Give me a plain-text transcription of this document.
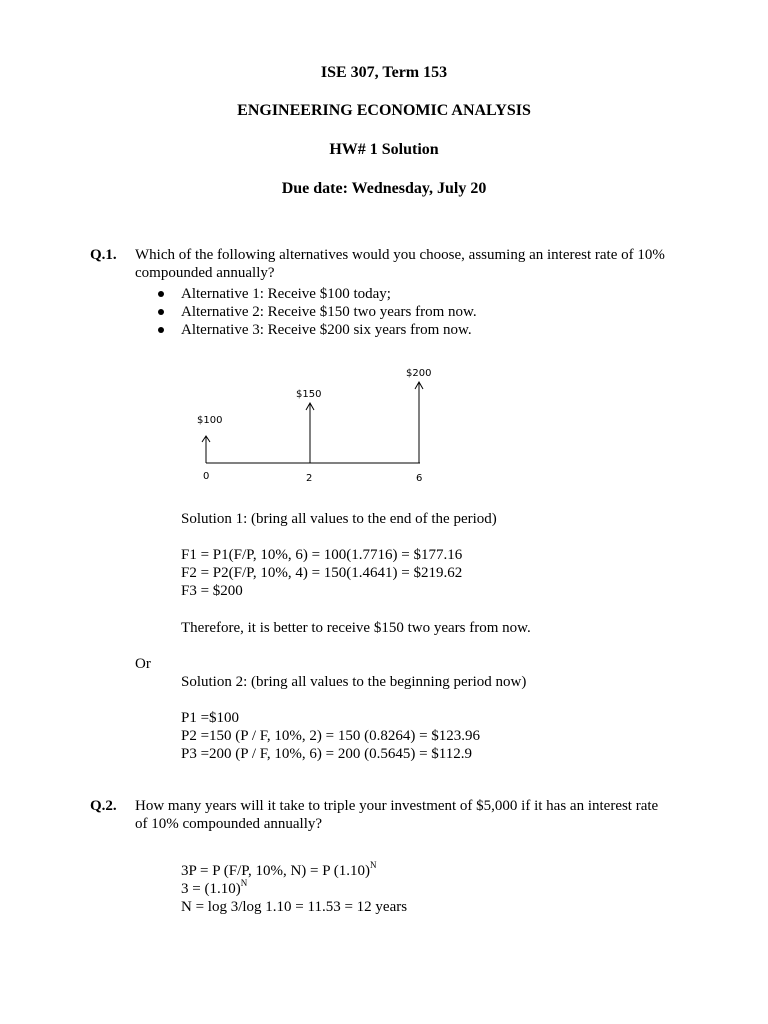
ISE 307, Term 153
ENGINEERING ECONOMIC ANALYSIS
HW# 1 Solution
Due date: Wednesday, July 20
Q.1. Which of the following alternatives would you choose, assuming an interest rate of 10%
compounded annually?
Alternative 1: Receive $100 today;
Alternative 2: Receive $150 two years from now.
Alternative 3: Receive $200 six years from now.
$100
$150
$200
0	2	6
Solution 1: (bring all values to the end of the period)
F1 = P1(F/P, 10%, 6) = 100(1.7716) = $177.16
F2 = P2(F/P, 10%, 4) = 150(1.4641) = $219.62
F3 = $200
Therefore, it is better to receive $150 two years from now.
Or
Solution 2: (bring all values to the beginning period now)
P1 =$100
P2 =150 (P / F, 10%, 2) = 150 (0.8264) = $123.96
P3 =200 (P / F, 10%, 6) = 200 (0.5645) = $112.9
Q.2. How many years will it take to triple your investment of $5,000 if it has an interest rate
of 10% compounded annually?
3P = P (F/P, 10%, N) = P $(1.10)^N$
$3 = (1.10)^N$
N = log 3/log 1.10 = 11.53 = 12 years
